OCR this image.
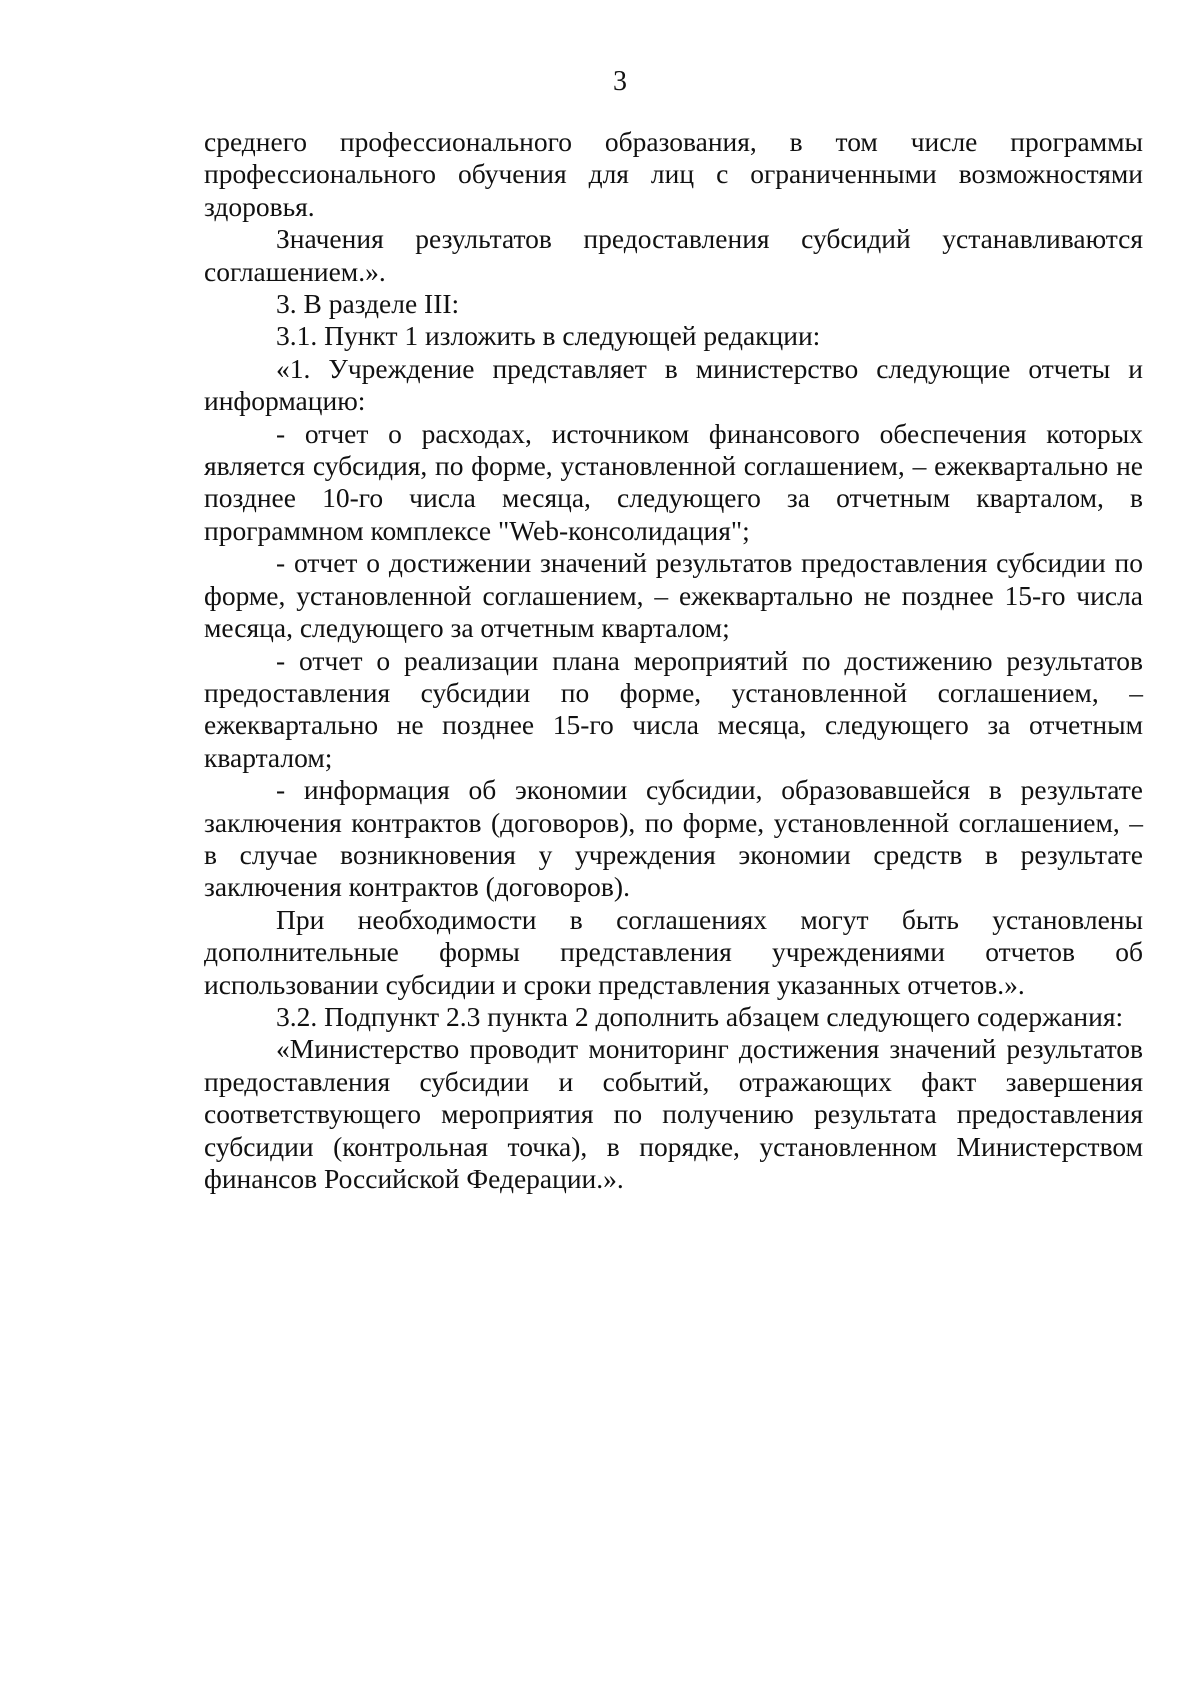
3

среднего профессионального образования, в том числе программы профессионального обучения для лиц с ограниченными возможностями здоровья.

Значения результатов предоставления субсидий устанавливаются соглашением.».

3. В разделе III:

3.1. Пункт 1 изложить в следующей редакции:

«1. Учреждение представляет в министерство следующие отчеты и информацию:

- отчет о расходах, источником финансового обеспечения которых является субсидия, по форме, установленной соглашением, – ежеквартально не позднее 10-го числа месяца, следующего за отчетным кварталом, в программном комплексе "Web-консолидация";

- отчет о достижении значений результатов предоставления субсидии по форме, установленной соглашением, – ежеквартально не позднее 15-го числа месяца, следующего за отчетным кварталом;

- отчет о реализации плана мероприятий по достижению результатов предоставления субсидии по форме, установленной соглашением, – ежеквартально не позднее 15-го числа месяца, следующего за отчетным кварталом;

- информация об экономии субсидии, образовавшейся в результате заключения контрактов (договоров), по форме, установленной соглашением, – в случае возникновения у учреждения экономии средств в результате заключения контрактов (договоров).

При необходимости в соглашениях могут быть установлены дополнительные формы представления учреждениями отчетов об использовании субсидии и сроки представления указанных отчетов.».

3.2. Подпункт 2.3 пункта 2 дополнить абзацем следующего содержания:

«Министерство проводит мониторинг достижения значений результатов предоставления субсидии и событий, отражающих факт завершения соответствующего мероприятия по получению результата предоставления субсидии (контрольная точка), в порядке, установленном Министерством финансов Российской Федерации.».
